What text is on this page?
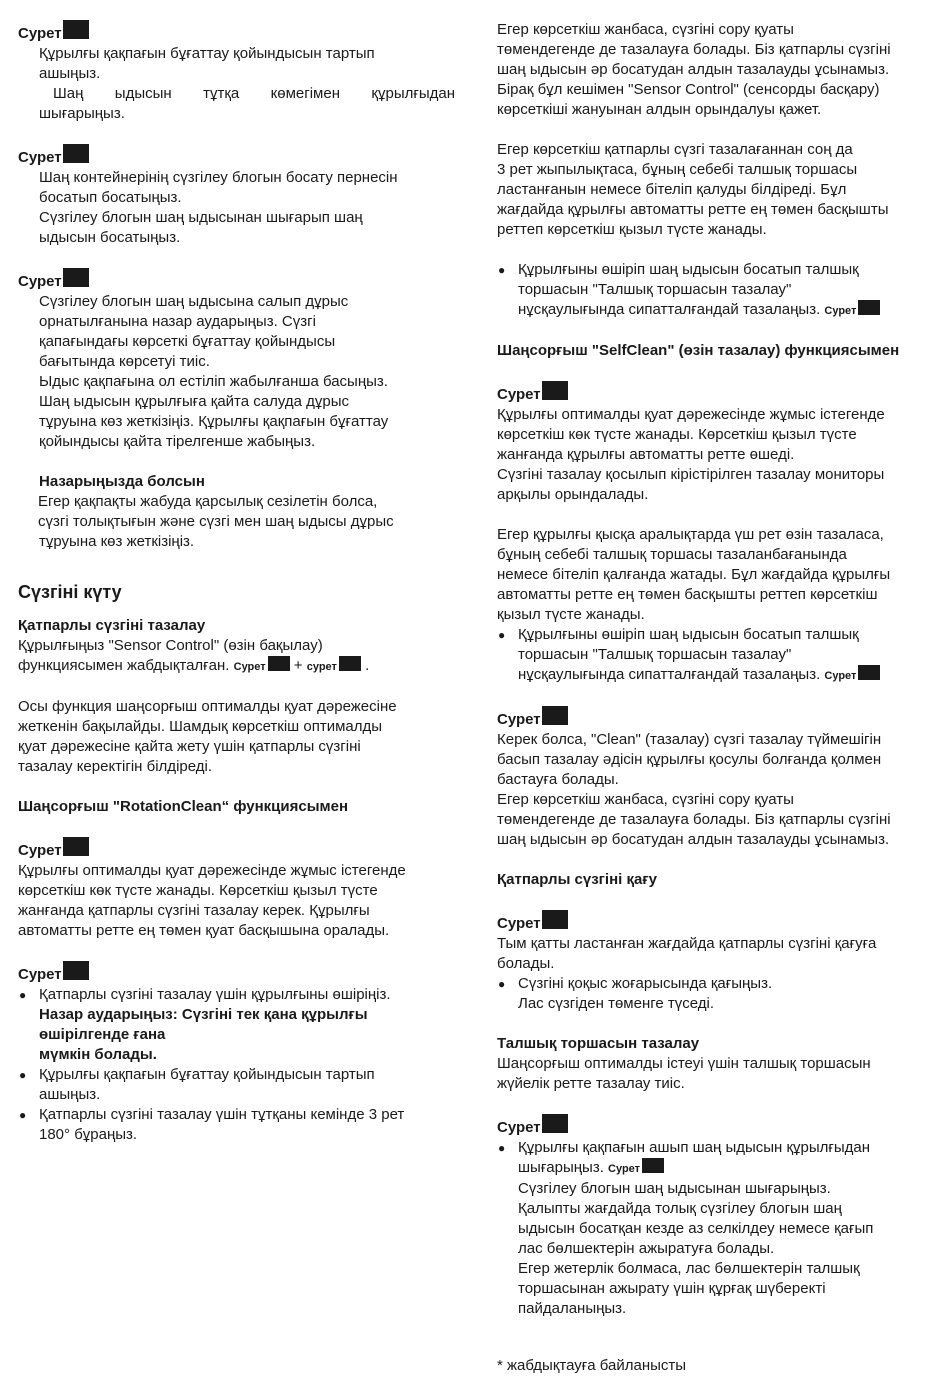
Сурет
Құрылғы қақпағын бұғаттау қойындысын тартып
ашыңыз.
Шаң ыдысын тұтқа көмегімен құрылғыдан
шығарыңыз.
Сурет
Шаң контейнерінің сүзгілеу блогын босату пернесін
босатып босатыңыз.
Сүзгілеу блогын шаң ыдысынан шығарып шаң
ыдысын босатыңыз.
Сурет
Сүзгілеу блогын шаң ыдысына салып дұрыс
орнатылғанына назар аударыңыз. Сүзгі
қапағындағы көрсеткі бұғаттау қойындысы
бағытында көрсетуі тиіс.
Ыдыс қақпағына ол естіліп жабылғанша басыңыз.
Шаң ыдысын құрылғыға қайта салуда дұрыс
тұруына көз жеткізіңіз. Құрылғы қақпағын бұғаттау
қойындысы қайта тірелгенше жабыңыз.
Назарыңызда болсын
Егер қақпақты жабуда қарсылық сезілетін болса,
сүзгі толықтығын және сүзгі мен шаң ыдысы дұрыс
тұруына көз жеткізіңіз.
Сүзгіні күту
Қатпарлы сүзгіні тазалау
Құрылғыңыз "Sensor Control" (өзін бақылау)
функциясымен жабдықталған. Сурет + сурет .
Осы функция шаңсорғыш оптималды қуат дәрежесіне
жеткенін бақылайды. Шамдық көрсеткіш оптималды
қуат дәрежесіне қайта жету үшін қатпарлы сүзгіні
тазалау керектігін білдіреді.
Шаңсорғыш "RotationClean“ функциясымен
Сурет
Құрылғы оптималды қуат дәрежесінде жұмыс істегенде
көрсеткіш көк түсте жанады. Көрсеткіш қызыл түсте
жанғанда қатпарлы сүзгіні тазалау керек. Құрылғы
автоматты ретте ең төмен қуат басқышына оралады.
Сурет
● Қатпарлы сүзгіні тазалау үшін құрылғыны өшіріңіз.
Назар аударыңыз: Сүзгіні тек қана құрылғы
өшірілгенде ғана
мүмкін болады.
● Құрылғы қақпағын бұғаттау қойындысын тартып
ашыңыз.
● Қатпарлы сүзгіні тазалау үшін тұтқаны кемінде 3 рет
180° бұраңыз.
Егер көрсеткіш жанбаса, сүзгіні сору қуаты
төмендегенде де тазалауға болады. Біз қатпарлы сүзгіні
шаң ыдысын әр босатудан алдын тазалауды ұсынамыз.
Бірақ бұл кешімен "Sensor Control" (сенсорды басқару)
көрсеткіші жануынан алдын орындалуы қажет.
Егер көрсеткіш қатпарлы сүзгі тазалағаннан соң да
3 рет жыпылықтаса, бұның себебі талшық торшасы
ластанғанын немесе бітеліп қалуды білдіреді. Бұл
жағдайда құрылғы автоматты ретте ең төмен басқышты
реттеп көрсеткіш қызыл түсте жанады.
● Құрылғыны өшіріп шаң ыдысын босатып талшық
торшасын "Талшық торшасын тазалау"
нұсқаулығында сипатталғандай тазалаңыз. Сурет
Шаңсорғыш "SelfClean" (өзін тазалау) функциясымен
Сурет
Құрылғы оптималды қуат дәрежесінде жұмыс істегенде
көрсеткіш көк түсте жанады. Көрсеткіш қызыл түсте
жанғанда құрылғы автоматты ретте өшеді.
Сүзгіні тазалау қосылып кірістірілген тазалау мониторы
арқылы орындалады.
Егер құрылғы қысқа аралықтарда үш рет өзін тазаласа,
бұның себебі талшық торшасы тазаланбағанында
немесе бітеліп қалғанда жатады. Бұл жағдайда құрылғы
автоматты ретте ең төмен басқышты реттеп көрсеткіш
қызыл түсте жанады.
● Құрылғыны өшіріп шаң ыдысын босатып талшық
торшасын "Талшық торшасын тазалау"
нұсқаулығында сипатталғандай тазалаңыз. Сурет
Сурет
Керек болса, "Clean" (тазалау) сүзгі тазалау түймешігін
басып тазалау әдісін құрылғы қосулы болғанда қолмен
бастауға болады.
Егер көрсеткіш жанбаса, сүзгіні сору қуаты
төмендегенде де тазалауға болады. Біз қатпарлы сүзгіні
шаң ыдысын әр босатудан алдын тазалауды ұсынамыз.
Қатпарлы сүзгіні қағу
Сурет
Тым қатты ластанған жағдайда қатпарлы сүзгіні қағуға
болады.
● Сүзгіні қоқыс жоғарысында қағыңыз.
Лас сүзгіден төменге түседі.
Талшық торшасын тазалау
Шаңсорғыш оптималды істеуі үшін талшық торшасын
жүйелік ретте тазалау тиіс.
Сурет
● Құрылғы қақпағын ашып шаң ыдысын құрылғыдан
шығарыңыз. Сурет
Сүзгілеу блогын шаң ыдысынан шығарыңыз.
Қалыпты жағдайда толық сүзгілеу блогын шаң
ыдысын босатқан кезде аз селкілдеу немесе қағып
лас бөлшектерін ажыратуға болады.
Егер жетерлік болмаса, лас бөлшектерін талшық
торшасынан ажырату үшін құрғақ шүберекті
пайдаланыңыз.
* жабдықтауға байланысты
